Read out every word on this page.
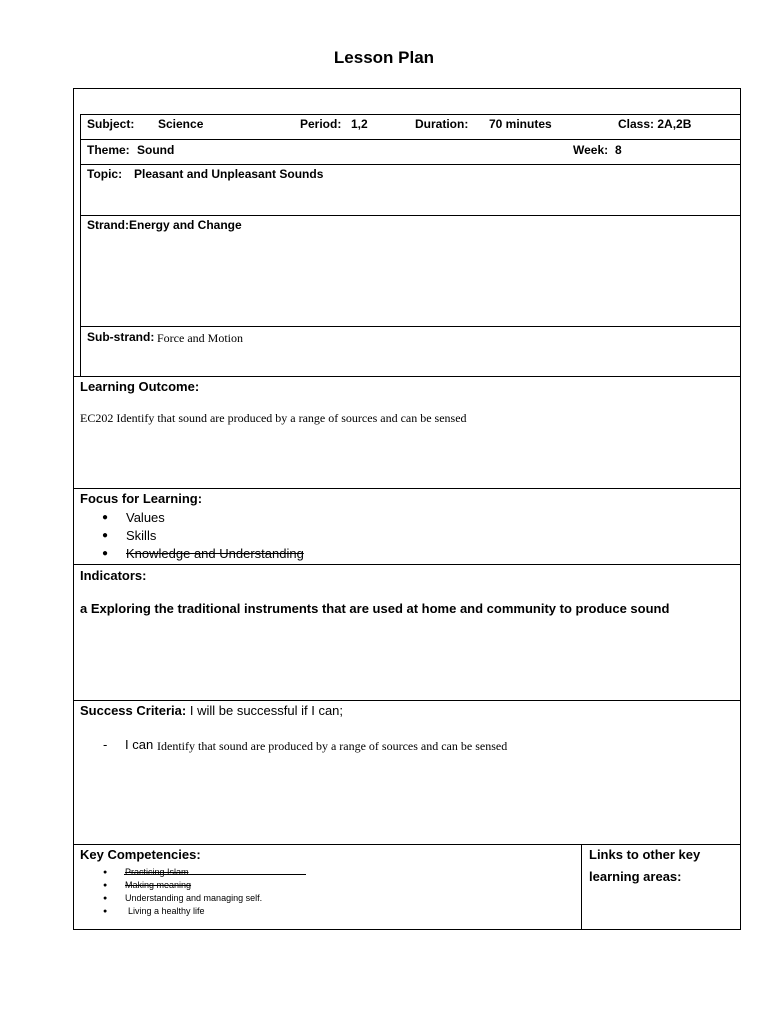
Lesson Plan
Subject: Science	Period: 1,2	Duration: 70 minutes	Class: 2A,2B
Theme: Sound	Week: 8
Topic: Pleasant and Unpleasant Sounds
Strand: Energy and Change
Sub-strand: Force and Motion
Learning Outcome:
EC202 Identify that sound are produced by a range of sources and can be sensed
Focus for Learning:
● Values
● Skills
● Knowledge and Understanding
Indicators:
a Exploring the traditional instruments that are used at home and community to produce sound
Success Criteria: I will be successful if I can;
- I can Identify that sound are produced by a range of sources and can be sensed
Key Competencies:
● Practicing Islam
● Making meaning
● Understanding and managing self.
● Living a healthy life
Links to other key
learning areas:
